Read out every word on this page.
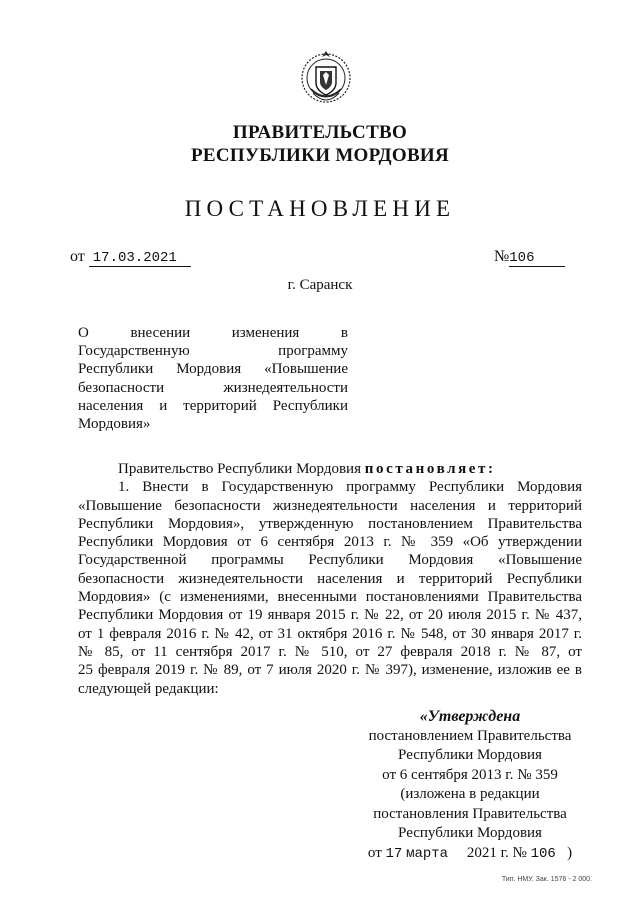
ПРАВИТЕЛЬСТВО
РЕСПУБЛИКИ МОРДОВИЯ
ПОСТАНОВЛЕНИЕ
от 17.03.2021	№106
г. Саранск
О внесении изменения в
Государственную программу
Республики Мордовия «Повышение
безопасности жизнедеятельности
населения и территорий Республики
Мордовия»

Правительство Республики Мордовия постановляет:

1. Внести в Государственную программу Республики Мордовия

«Повышение безопасности жизнедеятельности населения и территорий

Республики Мордовия», утвержденную постановлением Правительства

Республики Мордовия от 6 сентября 2013 г. № 359 «Об утверждении

Государственной программы Республики Мордовия «Повышение

безопасности жизнедеятельности населения и территорий Республики

Мордовия» (с изменениями, внесенными постановлениями Правительства

Республики Мордовия от 19 января 2015 г. № 22, от 20 июля 2015 г. № 437,

от 1 февраля 2016 г. № 42, от 31 октября 2016 г. № 548, от 30 января 2017 г.

№ 85, от 11 сентября 2017 г. № 510, от 27 февраля 2018 г. № 87, от

25 февраля 2019 г. № 89, от 7 июля 2020 г. № 397), изменение, изложив ее в

следующей редакции:

«Утверждена
постановлением Правительства
Республики Мордовия
от 6 сентября 2013 г. № 359
(изложена в редакции
постановления Правительства
Республики Мордовия
от 17 марта 2021 г. № 106 )
Тип. НМУ. Зак. 1576 - 2 000.
